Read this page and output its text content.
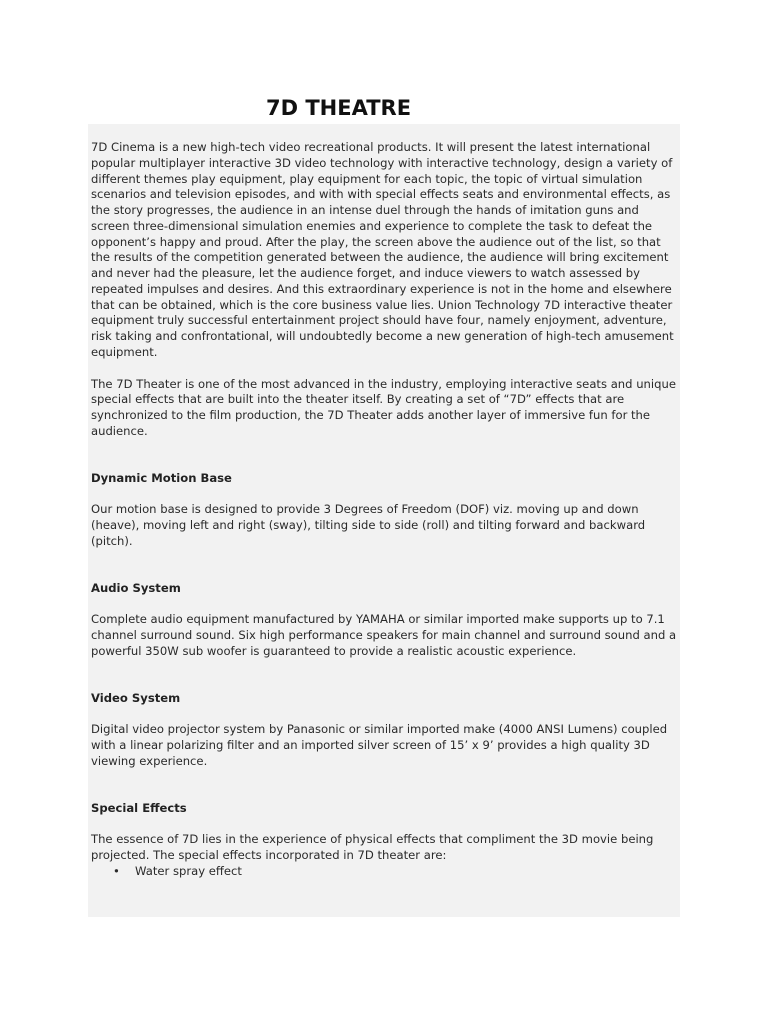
7D THEATRE

7D Cinema is a new high-tech video recreational products. It will present the latest international popular multiplayer interactive 3D video technology with interactive technology, design a variety of different themes play equipment, play equipment for each topic, the topic of virtual simulation scenarios and television episodes, and with with special effects seats and environmental effects, as the story progresses, the audience in an intense duel through the hands of imitation guns and screen three-dimensional simulation enemies and experience to complete the task to defeat the opponent’s happy and proud. After the play, the screen above the audience out of the list, so that the results of the competition generated between the audience, the audience will bring excitement and never had the pleasure, let the audience forget, and induce viewers to watch assessed by repeated impulses and desires. And this extraordinary experience is not in the home and elsewhere that can be obtained, which is the core business value lies. Union Technology 7D interactive theater equipment truly successful entertainment project should have four, namely enjoyment, adventure, risk taking and confrontational, will undoubtedly become a new generation of high-tech amusement equipment.

The 7D Theater is one of the most advanced in the industry, employing interactive seats and unique special effects that are built into the theater itself. By creating a set of “7D” effects that are synchronized to the film production, the 7D Theater adds another layer of immersive fun for the audience.

Dynamic Motion Base

Our motion base is designed to provide 3 Degrees of Freedom (DOF) viz. moving up and down (heave), moving left and right (sway), tilting side to side (roll) and tilting forward and backward (pitch).

Audio System

Complete audio equipment manufactured by YAMAHA or similar imported make supports up to 7.1 channel surround sound. Six high performance speakers for main channel and surround sound and a powerful 350W sub woofer is guaranteed to provide a realistic acoustic experience.

Video System

Digital video projector system by Panasonic or similar imported make (4000 ANSI Lumens) coupled with a linear polarizing filter and an imported silver screen of 15’ x 9’ provides a high quality 3D viewing experience.

Special Effects

The essence of 7D lies in the experience of physical effects that compliment the 3D movie being projected. The special effects incorporated in 7D theater are:

• Water spray effect
